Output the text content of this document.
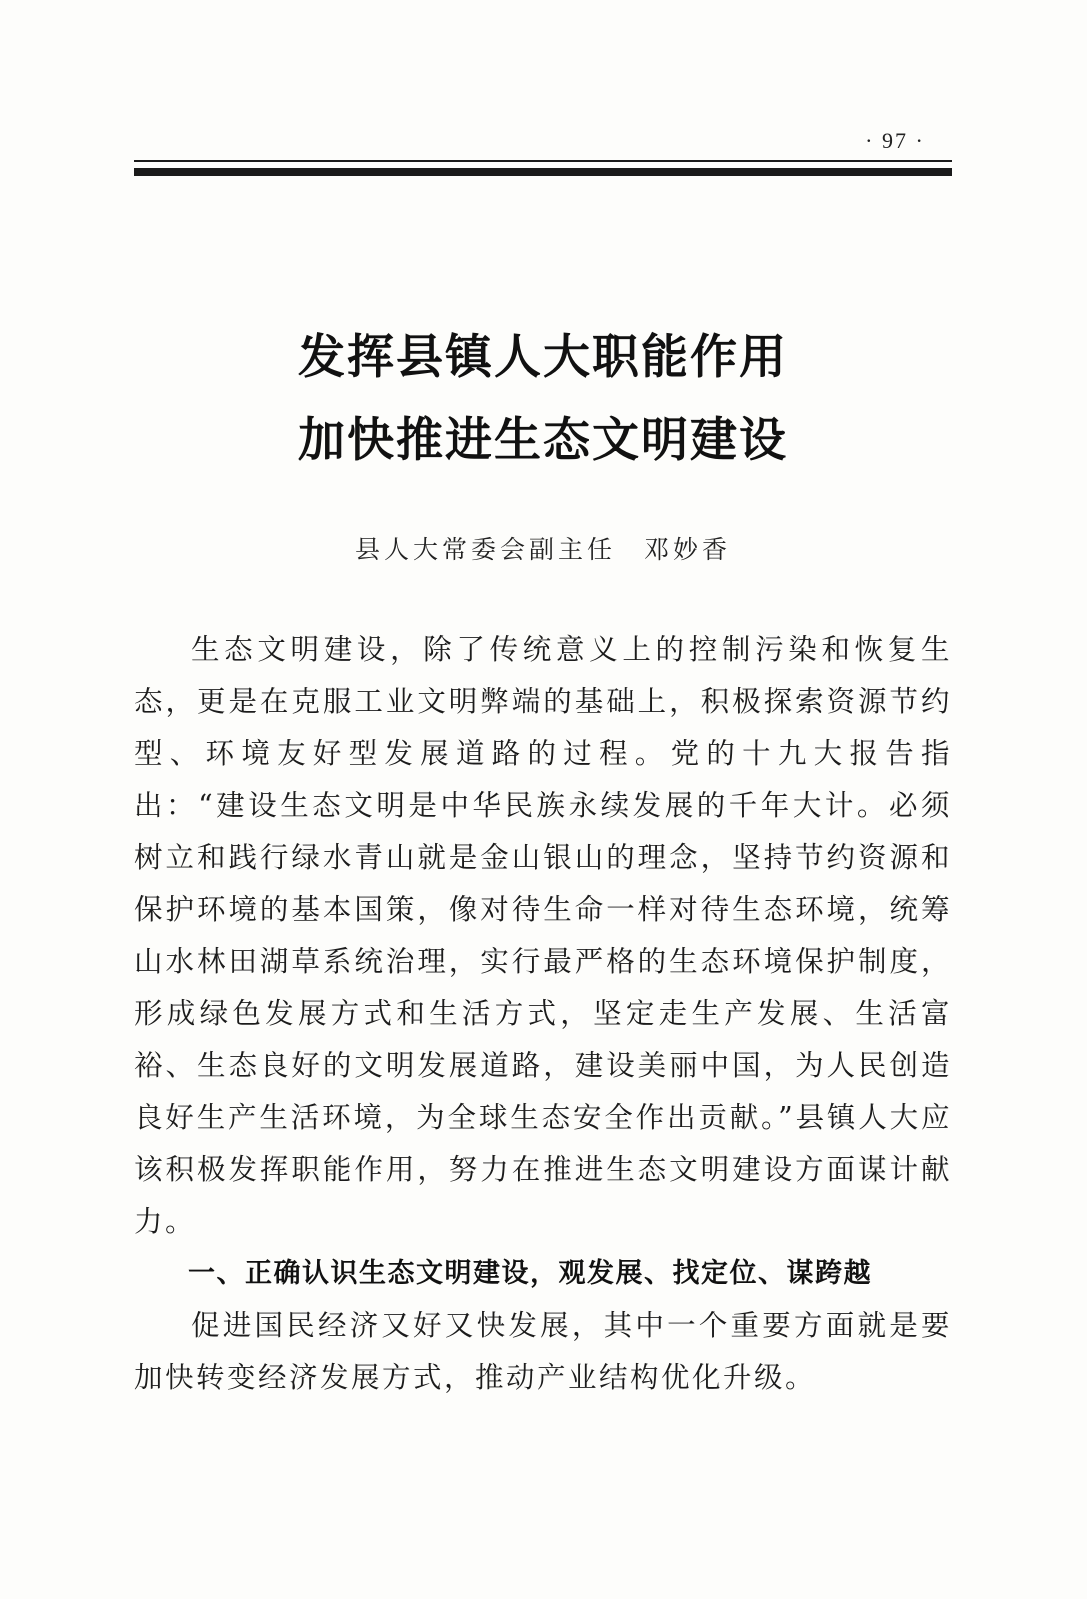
· 97 ·
发挥县镇人大职能作用
加快推进生态文明建设
县人大常委会副主任 邓妙香

生态文明建设，除了传统意义上的控制污染和恢复生态，更是在克服工业文明弊端的基础上，积极探索资源节约型、环境友好型发展道路的过程。党的十九大报告指出：“建设生态文明是中华民族永续发展的千年大计。必须树立和践行绿水青山就是金山银山的理念，坚持节约资源和保护环境的基本国策，像对待生命一样对待生态环境，统筹山水林田湖草系统治理，实行最严格的生态环境保护制度，形成绿色发展方式和生活方式，坚定走生产发展、生活富裕、生态良好的文明发展道路，建设美丽中国，为人民创造良好生产生活环境，为全球生态安全作出贡献。”县镇人大应该积极发挥职能作用，努力在推进生态文明建设方面谋计献力。

一、正确认识生态文明建设，观发展、找定位、谋跨越

促进国民经济又好又快发展，其中一个重要方面就是要加快转变经济发展方式，推动产业结构优化升级。
